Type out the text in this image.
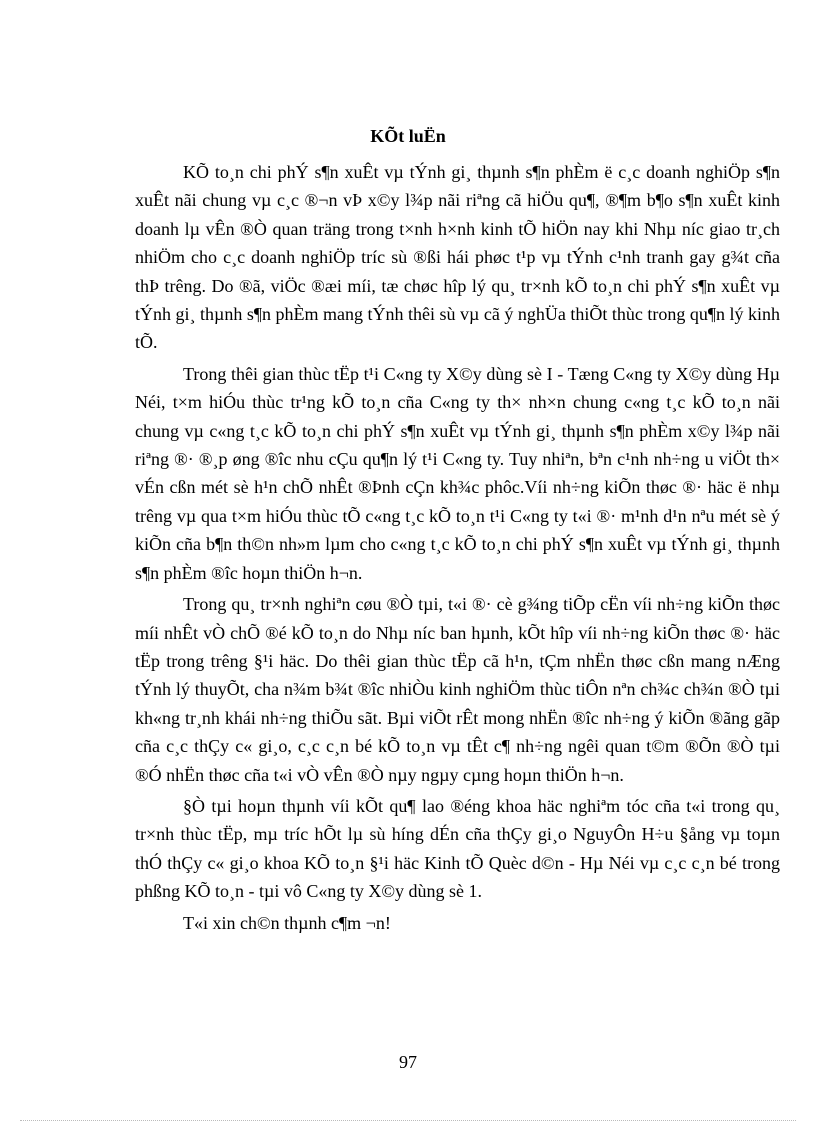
KÕt luËn

KÕ to¸n chi phÝ s¶n xuÊt vµ tÝnh gi¸ thµnh s¶n phÈm ë c¸c doanh nghiÖp s¶n xuÊt nãi chung vµ c¸c ®¬n vÞ x©y l¾p nãi riªng cã hiÖu qu¶, ®¶m b¶o s¶n xuÊt kinh doanh lµ vÊn ®Ò quan träng trong t×nh h×nh kinh tÕ hiÖn nay khi Nhµ níc giao tr¸ch nhiÖm cho c¸c doanh nghiÖp tríc sù ®ßi hái phøc t¹p vµ tÝnh c¹nh tranh gay g¾t cña thÞ trêng. Do ®ã, viÖc ®æi míi, tæ chøc hîp lý qu¸ tr×nh kÕ to¸n chi phÝ s¶n xuÊt vµ tÝnh gi¸ thµnh s¶n phÈm mang tÝnh thêi sù vµ cã ý nghÜa thiÕt thùc trong qu¶n lý kinh tÕ.

Trong thêi gian thùc tËp t¹i C«ng ty X©y dùng sè I - Tæng C«ng ty X©y dùng Hµ Néi, t×m hiÓu thùc tr¹ng kÕ to¸n cña C«ng ty th× nh×n chung c«ng t¸c kÕ to¸n nãi chung vµ c«ng t¸c kÕ to¸n chi phÝ s¶n xuÊt vµ tÝnh gi¸ thµnh s¶n phÈm x©y l¾p nãi riªng ®· ®¸p øng ®îc nhu cÇu qu¶n lý t¹i C«ng ty. Tuy nhiªn, bªn c¹nh nh÷ng u viÖt th× vÉn cßn mét sè h¹n chÕ nhÊt ®Þnh cÇn kh¾c phôc.Víi nh÷ng kiÕn thøc ®· häc ë nhµ trêng vµ qua t×m hiÓu thùc tÕ c«ng t¸c kÕ to¸n t¹i C«ng ty t«i ®· m¹nh d¹n nªu mét sè ý kiÕn cña b¶n th©n nh»m lµm cho c«ng t¸c kÕ to¸n chi phÝ s¶n xuÊt vµ tÝnh gi¸ thµnh s¶n phÈm ®îc hoµn thiÖn h¬n.

Trong qu¸ tr×nh nghiªn cøu ®Ò tµi, t«i ®· cè g¾ng tiÕp cËn víi nh÷ng kiÕn thøc míi nhÊt vÒ chÕ ®é kÕ to¸n do Nhµ níc ban hµnh, kÕt hîp víi nh÷ng kiÕn thøc ®· häc tËp trong trêng §¹i häc. Do thêi gian thùc tËp cã h¹n, tÇm nhËn thøc cßn mang nÆng tÝnh lý thuyÕt, cha n¾m b¾t ®îc nhiÒu kinh nghiÖm thùc tiÔn nªn ch¾c ch¾n ®Ò tµi kh«ng tr¸nh khái nh÷ng thiÕu sãt. Bµi viÕt rÊt mong nhËn ®îc nh÷ng ý kiÕn ®ãng gãp cña c¸c thÇy c« gi¸o, c¸c c¸n bé kÕ to¸n vµ tÊt c¶ nh÷ng ngêi quan t©m ®Õn ®Ò tµi ®Ó nhËn thøc cña t«i vÒ vÊn ®Ò nµy ngµy cµng hoµn thiÖn h¬n.

§Ò tµi hoµn thµnh víi kÕt qu¶ lao ®éng khoa häc nghiªm tóc cña t«i trong qu¸ tr×nh thùc tËp, mµ tríc hÕt lµ sù híng dÉn cña thÇy gi¸o NguyÔn H÷u §ång vµ toµn thÓ thÇy c« gi¸o khoa KÕ to¸n §¹i häc Kinh tÕ Quèc d©n - Hµ Néi vµ c¸c c¸n bé trong phßng KÕ to¸n - tµi vô C«ng ty X©y dùng sè 1.

T«i xin ch©n thµnh c¶m ¬n!

97
